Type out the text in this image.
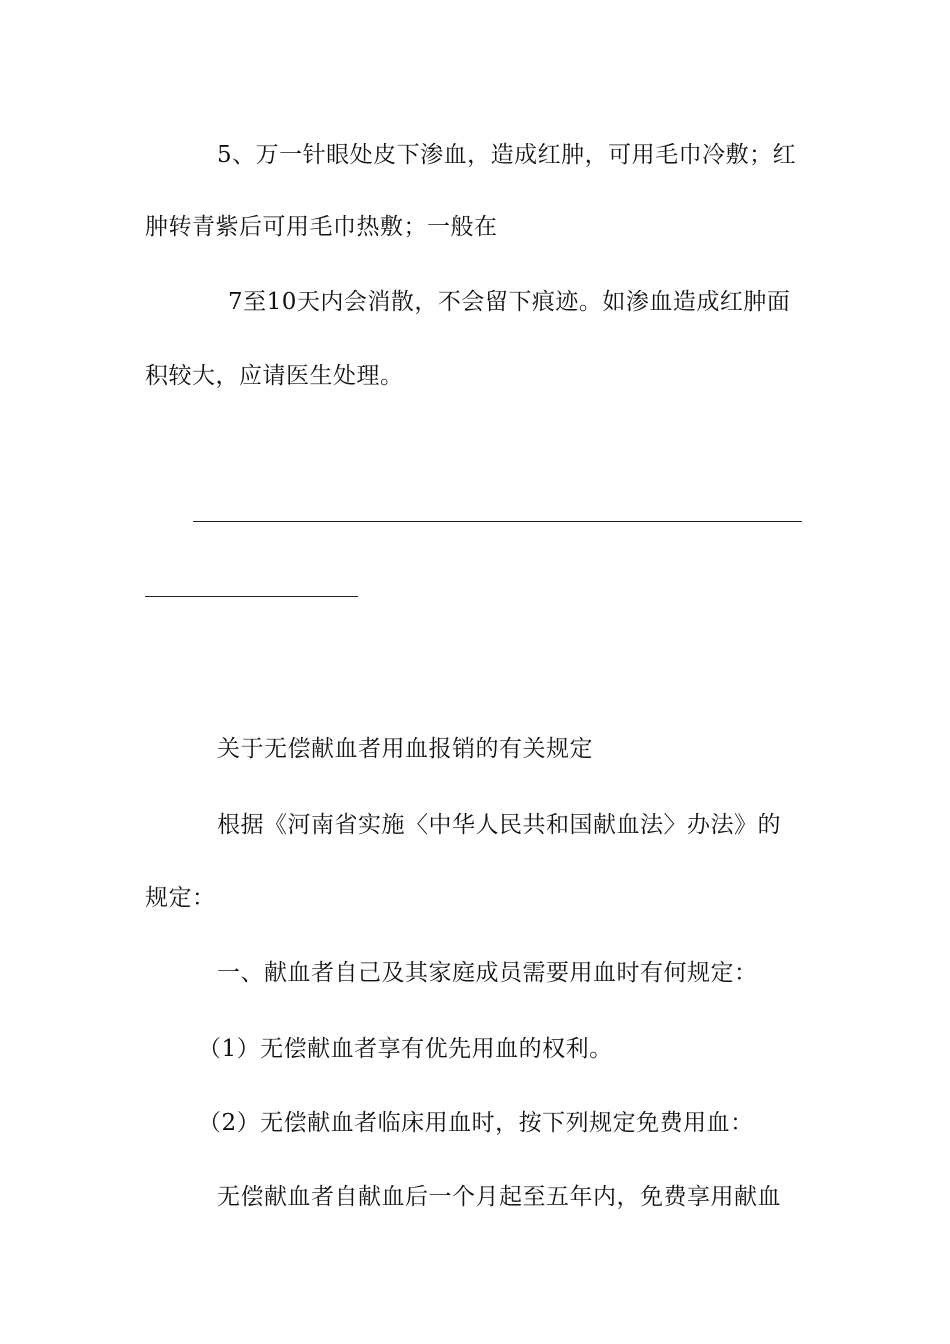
5、万一针眼处皮下渗血，造成红肿，可用毛巾冷敷；红
肿转青紫后可用毛巾热敷；一般在
7至10天内会消散，不会留下痕迹。如渗血造成红肿面
积较大，应请医生处理。
关于无偿献血者用血报销的有关规定
根据《河南省实施〈中华人民共和国献血法〉办法》的
规定：
一、献血者自己及其家庭成员需要用血时有何规定：
（1）无偿献血者享有优先用血的权利。
（2）无偿献血者临床用血时，按下列规定免费用血：
无偿献血者自献血后一个月起至五年内，免费享用献血
